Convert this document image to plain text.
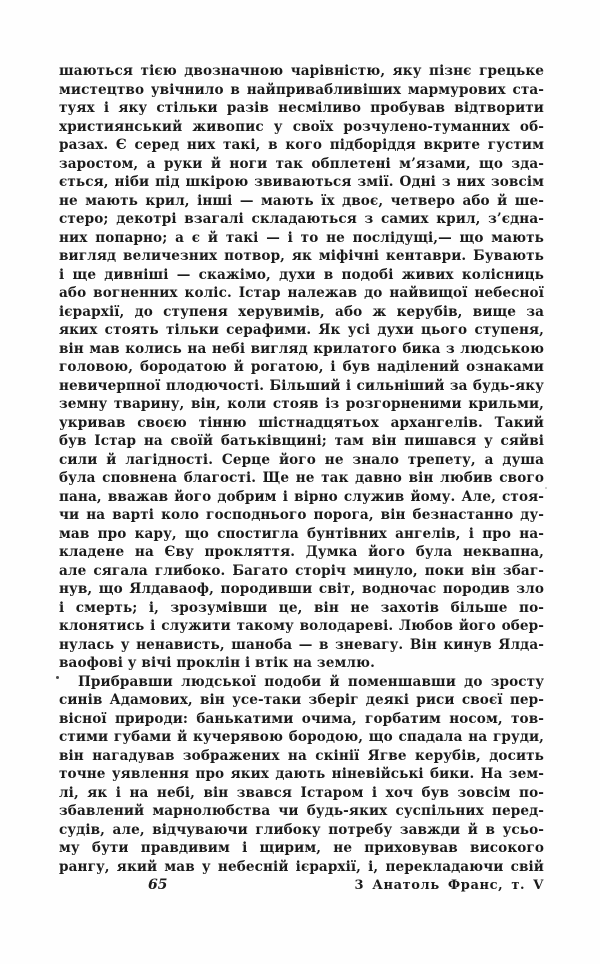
шаються тією двозначною чарівністю, яку пізнє грецьке
мистецтво увічнило в найпривабливіших мармурових ста-
туях і яку стільки разів несміливо пробував відтворити
християнський живопис у своїх розчулено-туманних об-
разах. Є серед них такі, в кого підборіддя вкрите густим
заростом, а руки й ноги так обплетені м’язами, що зда-
ється, ніби під шкірою звиваються змії. Одні з них зовсім
не мають крил, інші — мають їх двоє, четверо або й ше-
стеро; декотрі взагалі складаються з самих крил, з’єдна-
них попарно; а є й такі — і то не послідущі,— що мають
вигляд величезних потвор, як міфічні кентаври. Бувають
і ще дивніші — скажімо, духи в подобі живих колісниць
або вогненних коліс. Істар належав до найвищої небесної
ієрархії, до ступеня херувимів, або ж керубів, вище за
яких стоять тільки серафими. Як усі духи цього ступеня,
він мав колись на небі вигляд крилатого бика з людською
головою, бородатою й рогатою, і був наділений ознаками
невичерпної плодючості. Більший і сильніший за будь-яку
земну тварину, він, коли стояв із розгорненими крильми,
укривав своєю тінню шістнадцятьох архангелів. Такий
був Істар на своїй батьківщині; там він пишався у сяйві
сили й лагідності. Серце його не знало трепету, а душа
була сповнена благості. Ще не так давно він любив свого
пана, вважав його добрим і вірно служив йому. Але, стоя-
чи на варті коло господнього порога, він безнастанно ду-
мав про кару, що спостигла бунтівних ангелів, і про на-
кладене на Єву прокляття. Думка його була неквапна,
але сягала глибоко. Багато сторіч минуло, поки він збаг-
нув, що Ялдаваоф, породивши світ, водночас породив зло
і смерть; і, зрозумівши це, він не захотів більше по-
клонятись і служити такому володареві. Любов його обер-
нулась у ненависть, шаноба — в зневагу. Він кинув Ялда-
ваофові у вічі проклін і втік на землю.
Прибравши людської подоби й поменшавши до зросту
синів Адамових, він усе-таки зберіг деякі риси своєї пер-
вісної природи: банькатими очима, горбатим носом, тов-
стими губами й кучерявою бородою, що спадала на груди,
він нагадував зображених на скінії Ягве керубів, досить
точне уявлення про яких дають ніневійські бики. На зем-
лі, як і на небі, він звався Істаром і хоч був зовсім по-
збавлений марнолюбства чи будь-яких суспільних перед-
судів, але, відчуваючи глибоку потребу завжди й в усьо-
му бути правдивим і щирим, не приховував високого
рангу, який мав у небесній ієрархії, і, перекладаючи свій
65	3 Анатоль Франс, т. V
